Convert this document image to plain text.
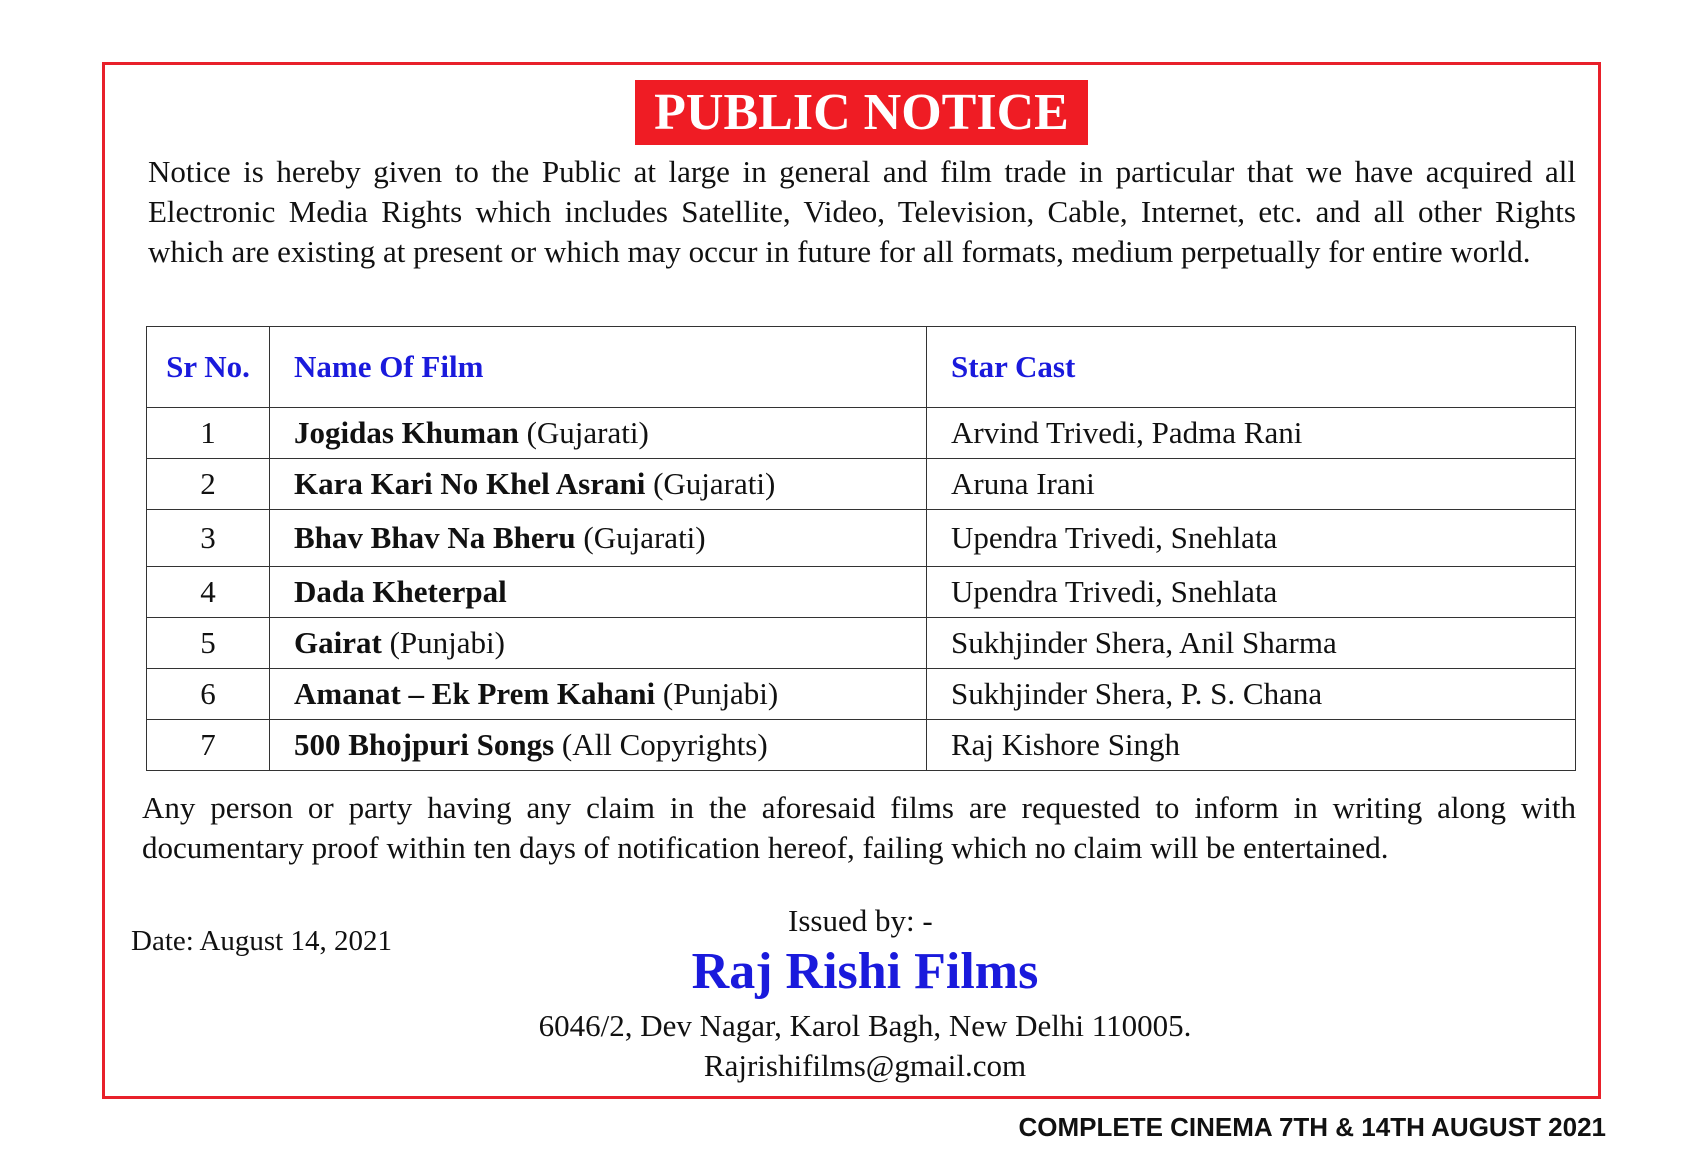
PUBLIC NOTICE
Notice is hereby given to the Public at large in general and film trade in particular that we have acquired all Electronic Media Rights which includes Satellite, Video, Television, Cable, Internet, etc. and all other Rights which are existing at present or which may occur in future for all formats, medium perpetually for entire world.
Sr No.	Name Of Film	Star Cast
1	Jogidas Khuman (Gujarati)	Arvind Trivedi, Padma Rani
2	Kara Kari No Khel Asrani (Gujarati)	Aruna Irani
3	Bhav Bhav Na Bheru (Gujarati)	Upendra Trivedi, Snehlata
4	Dada Kheterpal	Upendra Trivedi, Snehlata
5	Gairat (Punjabi)	Sukhjinder Shera, Anil Sharma
6	Amanat – Ek Prem Kahani (Punjabi)	Sukhjinder Shera, P. S. Chana
7	500 Bhojpuri Songs (All Copyrights)	Raj Kishore Singh
Any person or party having any claim in the aforesaid films are requested to inform in writing along with documentary proof within ten days of notification hereof, failing which no claim will be entertained.
Date: August 14, 2021
Issued by: -
Raj Rishi Films
6046/2, Dev Nagar, Karol Bagh, New Delhi 110005.
Rajrishifilms@gmail.com
COMPLETE CINEMA 7TH & 14TH AUGUST 2021
